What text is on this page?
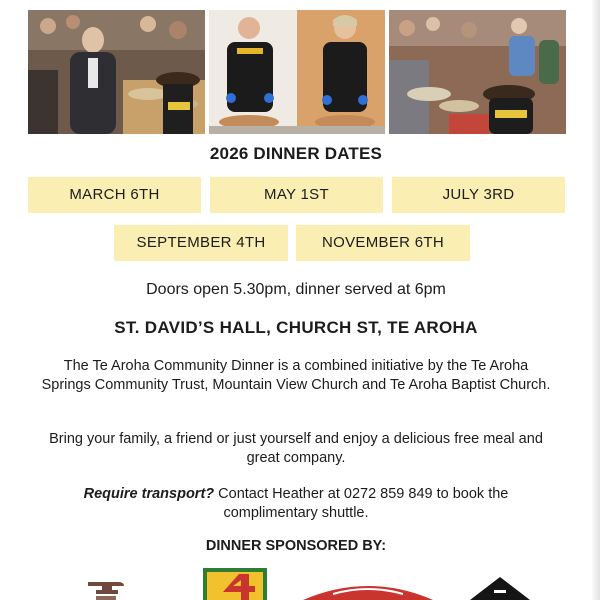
2026 DINNER DATES
MARCH 6TH	MAY 1ST	JULY 3RD
SEPTEMBER 4TH	NOVEMBER 6TH
Doors open 5.30pm, dinner served at 6pm
ST. DAVID’S HALL, CHURCH ST, TE AROHA
The Te Aroha Community Dinner is a combined initiative by the Te Aroha Springs Community Trust, Mountain View Church and Te Aroha Baptist Church.
Bring your family, a friend or just yourself and enjoy a delicious free meal and great company.
Require transport? Contact Heather at 0272 859 849 to book the complimentary shuttle.
DINNER SPONSORED BY:
